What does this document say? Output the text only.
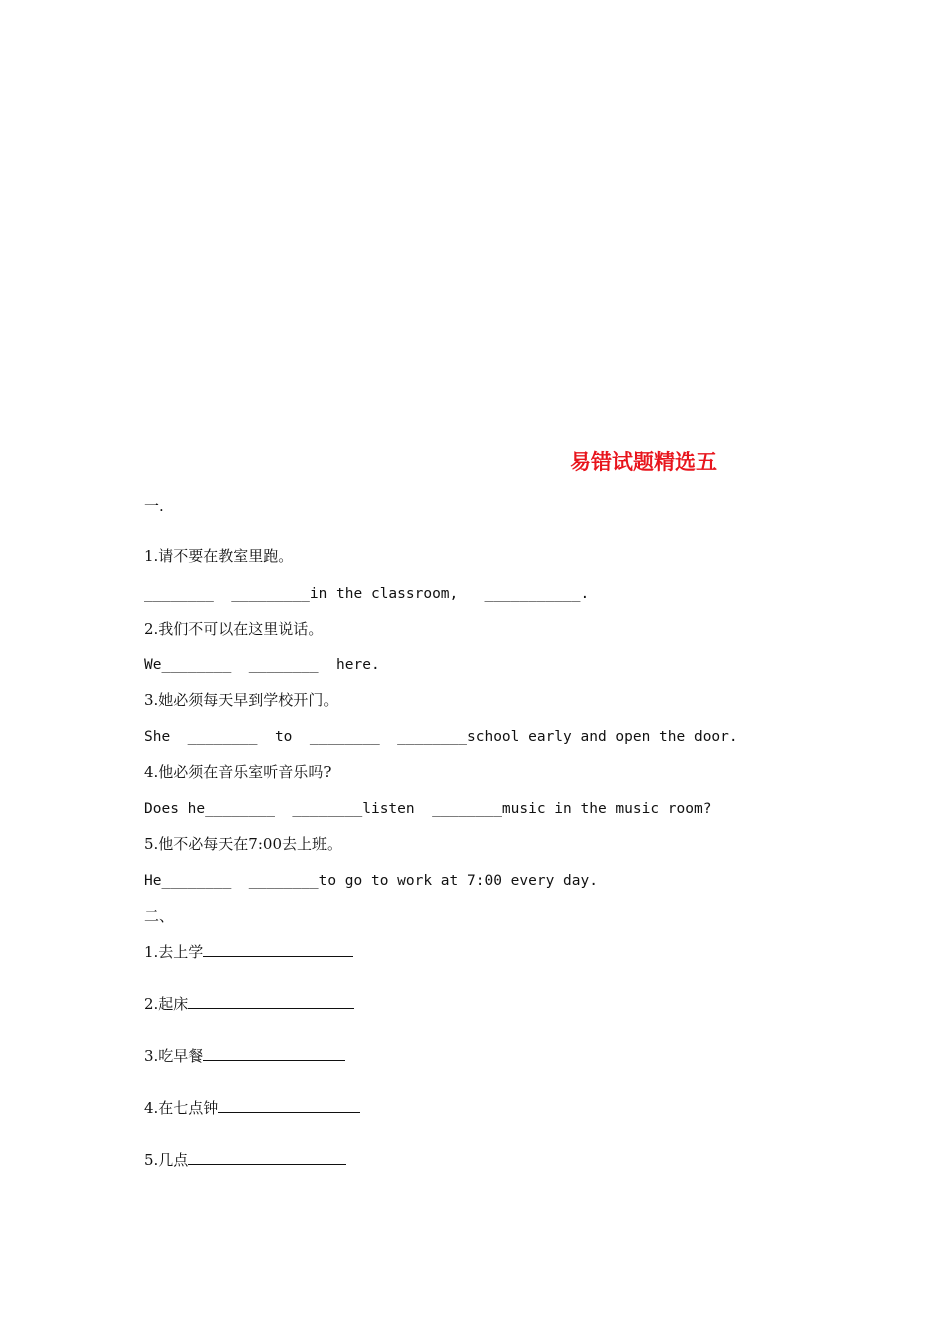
易错试题精选五
一.
1.请不要在教室里跑。
________  _________in the classroom,   ___________.
2.我们不可以在这里说话。
We________  ________  here.
3.她必须每天早到学校开门。
She  ________  to  ________  ________school early and open the door.
4.他必须在音乐室听音乐吗?
Does he________  ________listen  ________music in the music room?
5.他不必每天在7:00去上班。
He________  ________to go to work at 7:00 every day.
二、
1.去上学
2.起床
3.吃早餐
4.在七点钟
5.几点
